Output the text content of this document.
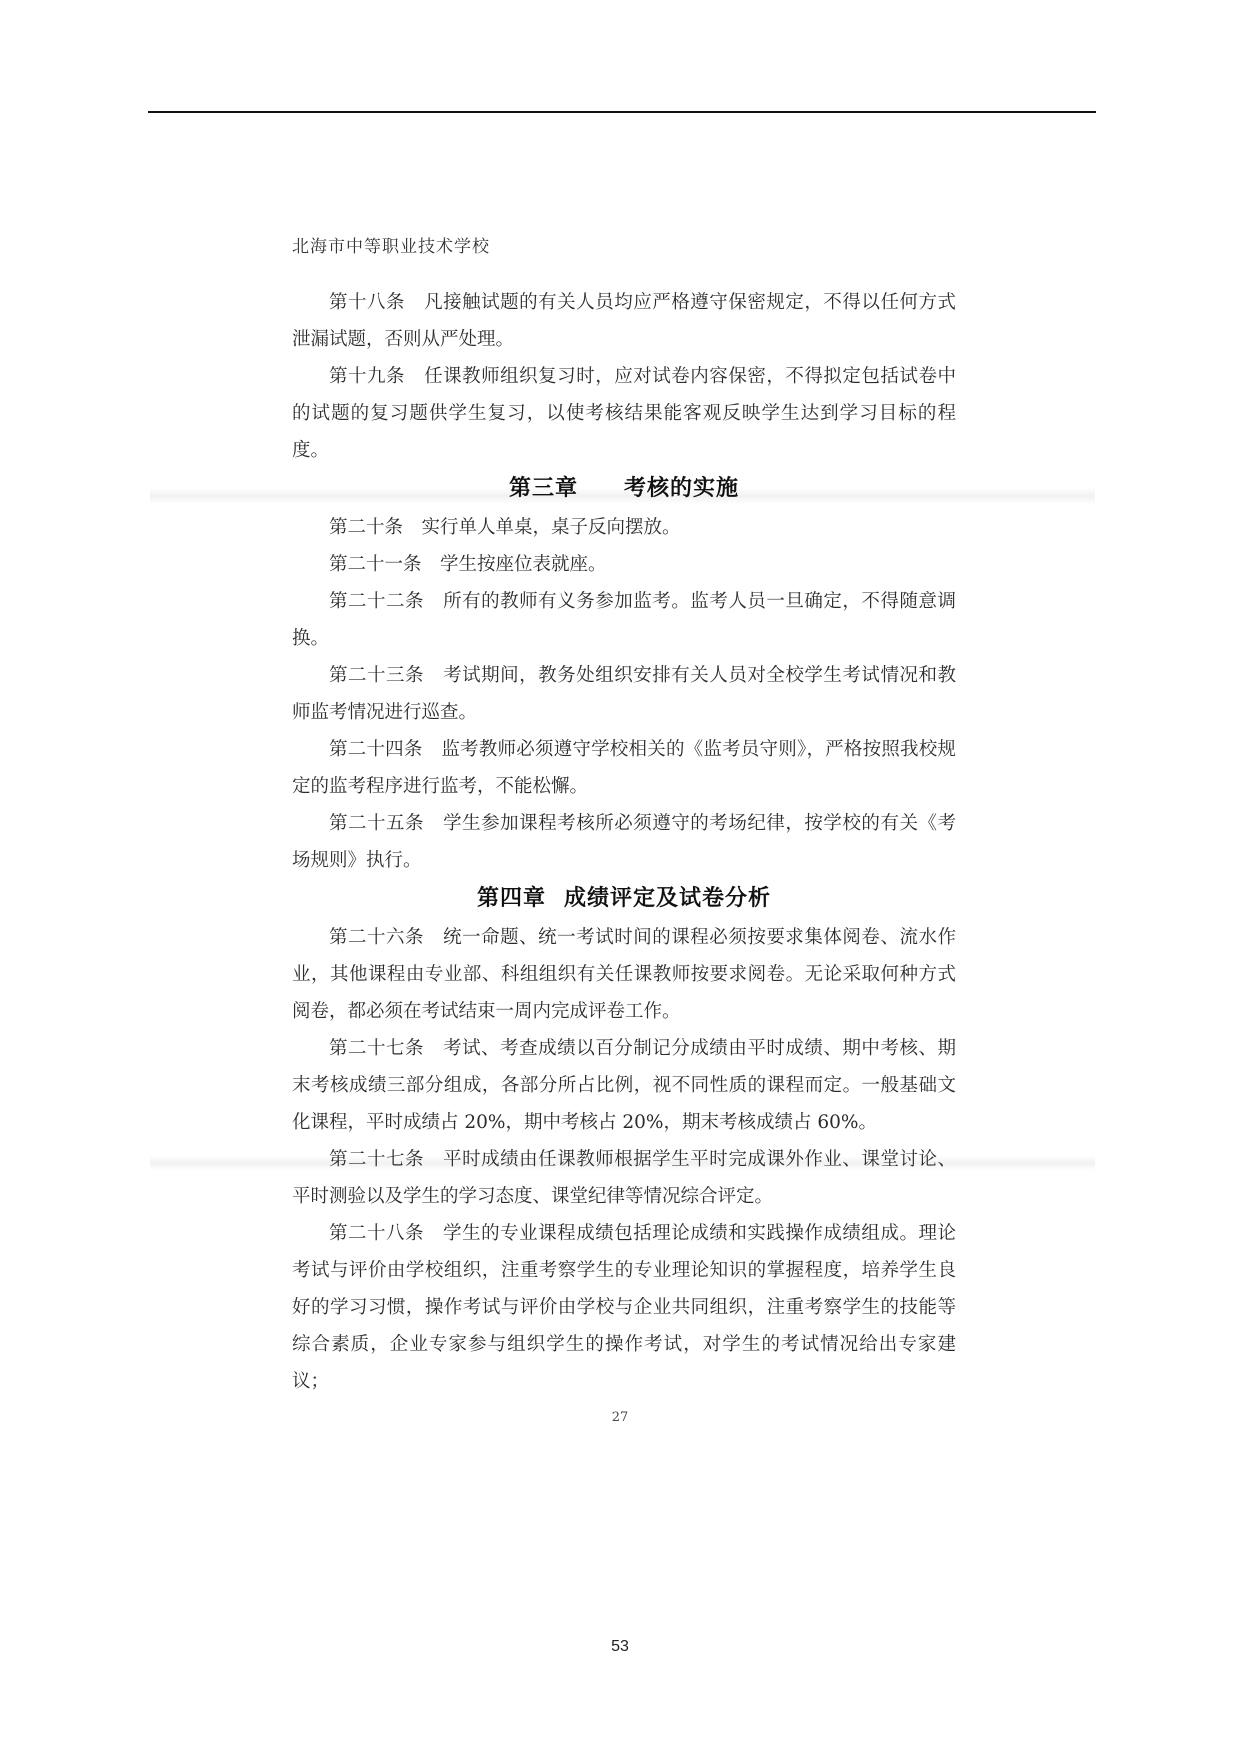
北海市中等职业技术学校

第十八条　凡接触试题的有关人员均应严格遵守保密规定，不得以任何方式泄漏试题，否则从严处理。

第十九条　任课教师组织复习时，应对试卷内容保密，不得拟定包括试卷中的试题的复习题供学生复习，以使考核结果能客观反映学生达到学习目标的程度。

第三章 考核的实施

第二十条　实行单人单桌，桌子反向摆放。

第二十一条　学生按座位表就座。

第二十二条　所有的教师有义务参加监考。监考人员一旦确定，不得随意调换。

第二十三条　考试期间，教务处组织安排有关人员对全校学生考试情况和教师监考情况进行巡查。

第二十四条　监考教师必须遵守学校相关的《监考员守则》，严格按照我校规定的监考程序进行监考，不能松懈。

第二十五条　学生参加课程考核所必须遵守的考场纪律，按学校的有关《考场规则》执行。

第四章 成绩评定及试卷分析

第二十六条　统一命题、统一考试时间的课程必须按要求集体阅卷、流水作业，其他课程由专业部、科组组织有关任课教师按要求阅卷。无论采取何种方式阅卷，都必须在考试结束一周内完成评卷工作。

第二十七条　考试、考查成绩以百分制记分成绩由平时成绩、期中考核、期末考核成绩三部分组成，各部分所占比例，视不同性质的课程而定。一般基础文化课程，平时成绩占 20%，期中考核占 20%，期末考核成绩占 60%。

第二十七条　平时成绩由任课教师根据学生平时完成课外作业、课堂讨论、平时测验以及学生的学习态度、课堂纪律等情况综合评定。

第二十八条　学生的专业课程成绩包括理论成绩和实践操作成绩组成。理论考试与评价由学校组织，注重考察学生的专业理论知识的掌握程度，培养学生良好的学习习惯，操作考试与评价由学校与企业共同组织，注重考察学生的技能等综合素质，企业专家参与组织学生的操作考试，对学生的考试情况给出专家建议；

27
53
